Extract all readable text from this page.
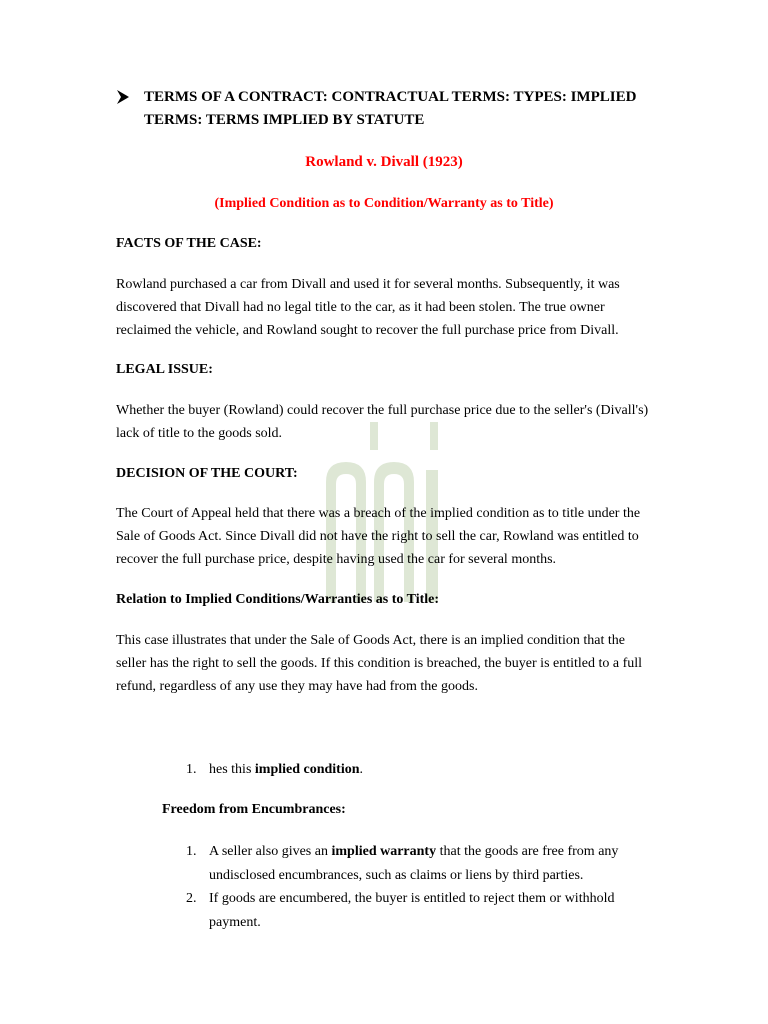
TERMS OF A CONTRACT: CONTRACTUAL TERMS: TYPES: IMPLIED TERMS: TERMS IMPLIED BY STATUTE
Rowland v. Divall (1923)
(Implied Condition as to Condition/Warranty as to Title)
FACTS OF THE CASE:
Rowland purchased a car from Divall and used it for several months. Subsequently, it was discovered that Divall had no legal title to the car, as it had been stolen. The true owner reclaimed the vehicle, and Rowland sought to recover the full purchase price from Divall.
LEGAL ISSUE:
Whether the buyer (Rowland) could recover the full purchase price due to the seller's (Divall's) lack of title to the goods sold.
DECISION OF THE COURT:
The Court of Appeal held that there was a breach of the implied condition as to title under the Sale of Goods Act. Since Divall did not have the right to sell the car, Rowland was entitled to recover the full purchase price, despite having used the car for several months.
Relation to Implied Conditions/Warranties as to Title:
This case illustrates that under the Sale of Goods Act, there is an implied condition that the seller has the right to sell the goods. If this condition is breached, the buyer is entitled to a full refund, regardless of any use they may have had from the goods.
1. hes this implied condition.
Freedom from Encumbrances:
1. A seller also gives an implied warranty that the goods are free from any undisclosed encumbrances, such as claims or liens by third parties.
2. If goods are encumbered, the buyer is entitled to reject them or withhold payment.
